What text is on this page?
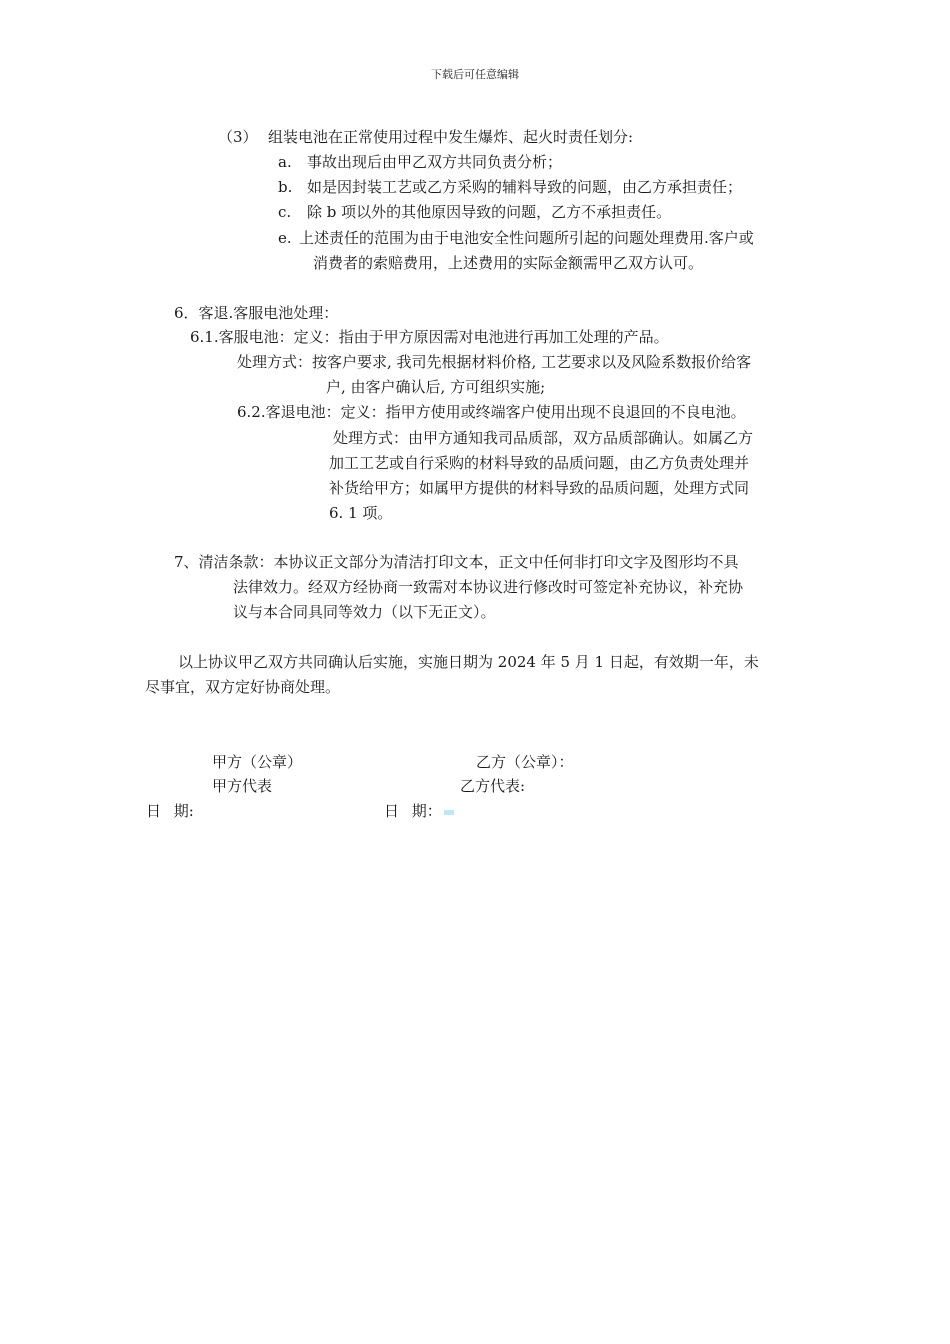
下载后可任意编辑
（3） 组装电池在正常使用过程中发生爆炸、起火时责任划分:
a. 事故出现后由甲乙双方共同负责分析；
b. 如是因封装工艺或乙方采购的辅料导致的问题，由乙方承担责任；
c. 除 b 项以外的其他原因导致的问题，乙方不承担责任。
e. 上述责任的范围为由于电池安全性问题所引起的问题处理费用.客户或
消费者的索赔费用，上述费用的实际金额需甲乙双方认可。
6．客退.客服电池处理：
6.1.客服电池：定义：指由于甲方原因需对电池进行再加工处理的产品。
处理方式：按客户要求, 我司先根据材料价格, 工艺要求以及风险系数报价给客
户, 由客户确认后, 方可组织实施;
6.2.客退电池：定义：指甲方使用或终端客户使用出现不良退回的不良电池。
处理方式：由甲方通知我司品质部，双方品质部确认。如属乙方
加工工艺或自行采购的材料导致的品质问题，由乙方负责处理并
补货给甲方；如属甲方提供的材料导致的品质问题，处理方式同
6. 1 项。
7、清洁条款：本协议正文部分为清洁打印文本，正文中任何非打印文字及图形均不具
法律效力。经双方经协商一致需对本协议进行修改时可签定补充协议，补充协
议与本合同具同等效力（以下无正文）。
以上协议甲乙双方共同确认后实施，实施日期为 2024 年 5 月 1 日起，有效期一年，未
尽事宜，双方定好协商处理。
甲方（公章）	乙方（公章）：
甲方代表	乙方代表:
日 期:	日 期：
